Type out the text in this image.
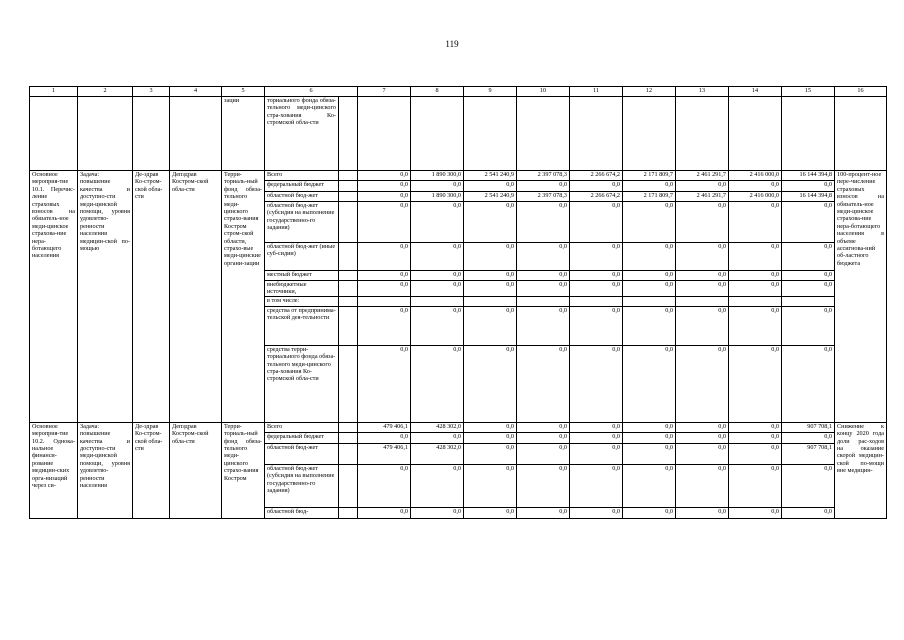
119
1	2	3	4	5	6		7	8	9	10	11	12	13	14	15	16
				зации	ториального фонда обяза-тельного меди-цинского стра-хования Ко-стромской обла-сти											
Основное мероприя-тие 10.1. Перечис-ление страховых взносов на обязатель-ное меди-цинское страхова-ние нера-ботающего населения	Задача: повышение качества и доступно-сти меди-цинской помощи, уровня удовлетво-ренности населения медицин-ской по-мощью	Де-здрав Ко-стром-ской обла-сти	Депздрав Костром-ской обла-сти	Терри-ториаль-ный фонд обяза-тельного меди-цинского страхо-вания Костром стром-ской области, страхо-вые меди-цинские органи-зации	Всего		0,0	1 890 300,0	2 541 240,9	2 397 078,3	2 266 674,2	2 171 809,7	2 461 291,7	2 416 000,0	16 144 394,8	100-процент-ное пере-числение страховых взносов на обязатель-ное меди-цинское страхова-ние нера-ботающего населения в объеме ассигнова-ний об-ластного бюджета
					федеральный бюджет		0,0	0,0	0,0	0,0	0,0	0,0	0,0	0,0	0,0	
					областной бюд-жет		0,0	1 890 300,0	2 541 240,9	2 397 078,3	2 266 674,2	2 171 809,7	2 461 291,7	2 416 000,0	16 144 394,8	
					областной бюд-жет (субсидия на выполнение государственно-го задания)		0,0	0,0	0,0	0,0	0,0	0,0	0,0	0,0	0,0	
					областной бюд-жет (иные суб-сидии)		0,0	0,0	0,0	0,0	0,0	0,0	0,0	0,0	0,0	
					местный бюджет		0,0	0,0	0,0	0,0	0,0	0,0	0,0	0,0	0,0	
					внебюджетные источники,		0,0	0,0	0,0	0,0	0,0	0,0	0,0	0,0	0,0	
					в том числе:											
					средства от предпринима-тельской дея-тельности		0,0	0,0	0,0	0,0	0,0	0,0	0,0	0,0	0,0	
					средства терри-ториального фонда обяза-тельного меди-цинского стра-хования Ко-стромской обла-сти		0,0	0,0	0,0	0,0	0,0	0,0	0,0	0,0	0,0	
Основное мероприя-тие 10.2. Однока-нальное финанси-рование медицин-ских орга-низаций через си-	Задача: повышение качества и доступно-сти меди-цинской помощи, уровня удовлетво-ренности населения	Де-здрав Ко-стром-ской обла-сти	Депздрав Костром-ской обла-сти	Терри-ториаль-ный фонд обяза-тельного меди-цинского страхо-вания Костром	Всего		479 406,1	428 302,0	0,0	0,0	0,0	0,0	0,0	0,0	907 708,1	Снижение к концу 2020 года доли рас-ходов на оказание скорой медицин-ской по-мощи вне медицин-
					федеральный бюджет		0,0	0,0	0,0	0,0	0,0	0,0	0,0	0,0	0,0	
					областной бюд-жет		479 406,1	428 302,0	0,0	0,0	0,0	0,0	0,0	0,0	907 708,1	
					областной бюд-жет (субсидия на выполнение государственно-го задания)		0,0	0,0	0,0	0,0	0,0	0,0	0,0	0,0	0,0	
					областной бюд-		0,0	0,0	0,0	0,0	0,0	0,0	0,0	0,0	0,0	
